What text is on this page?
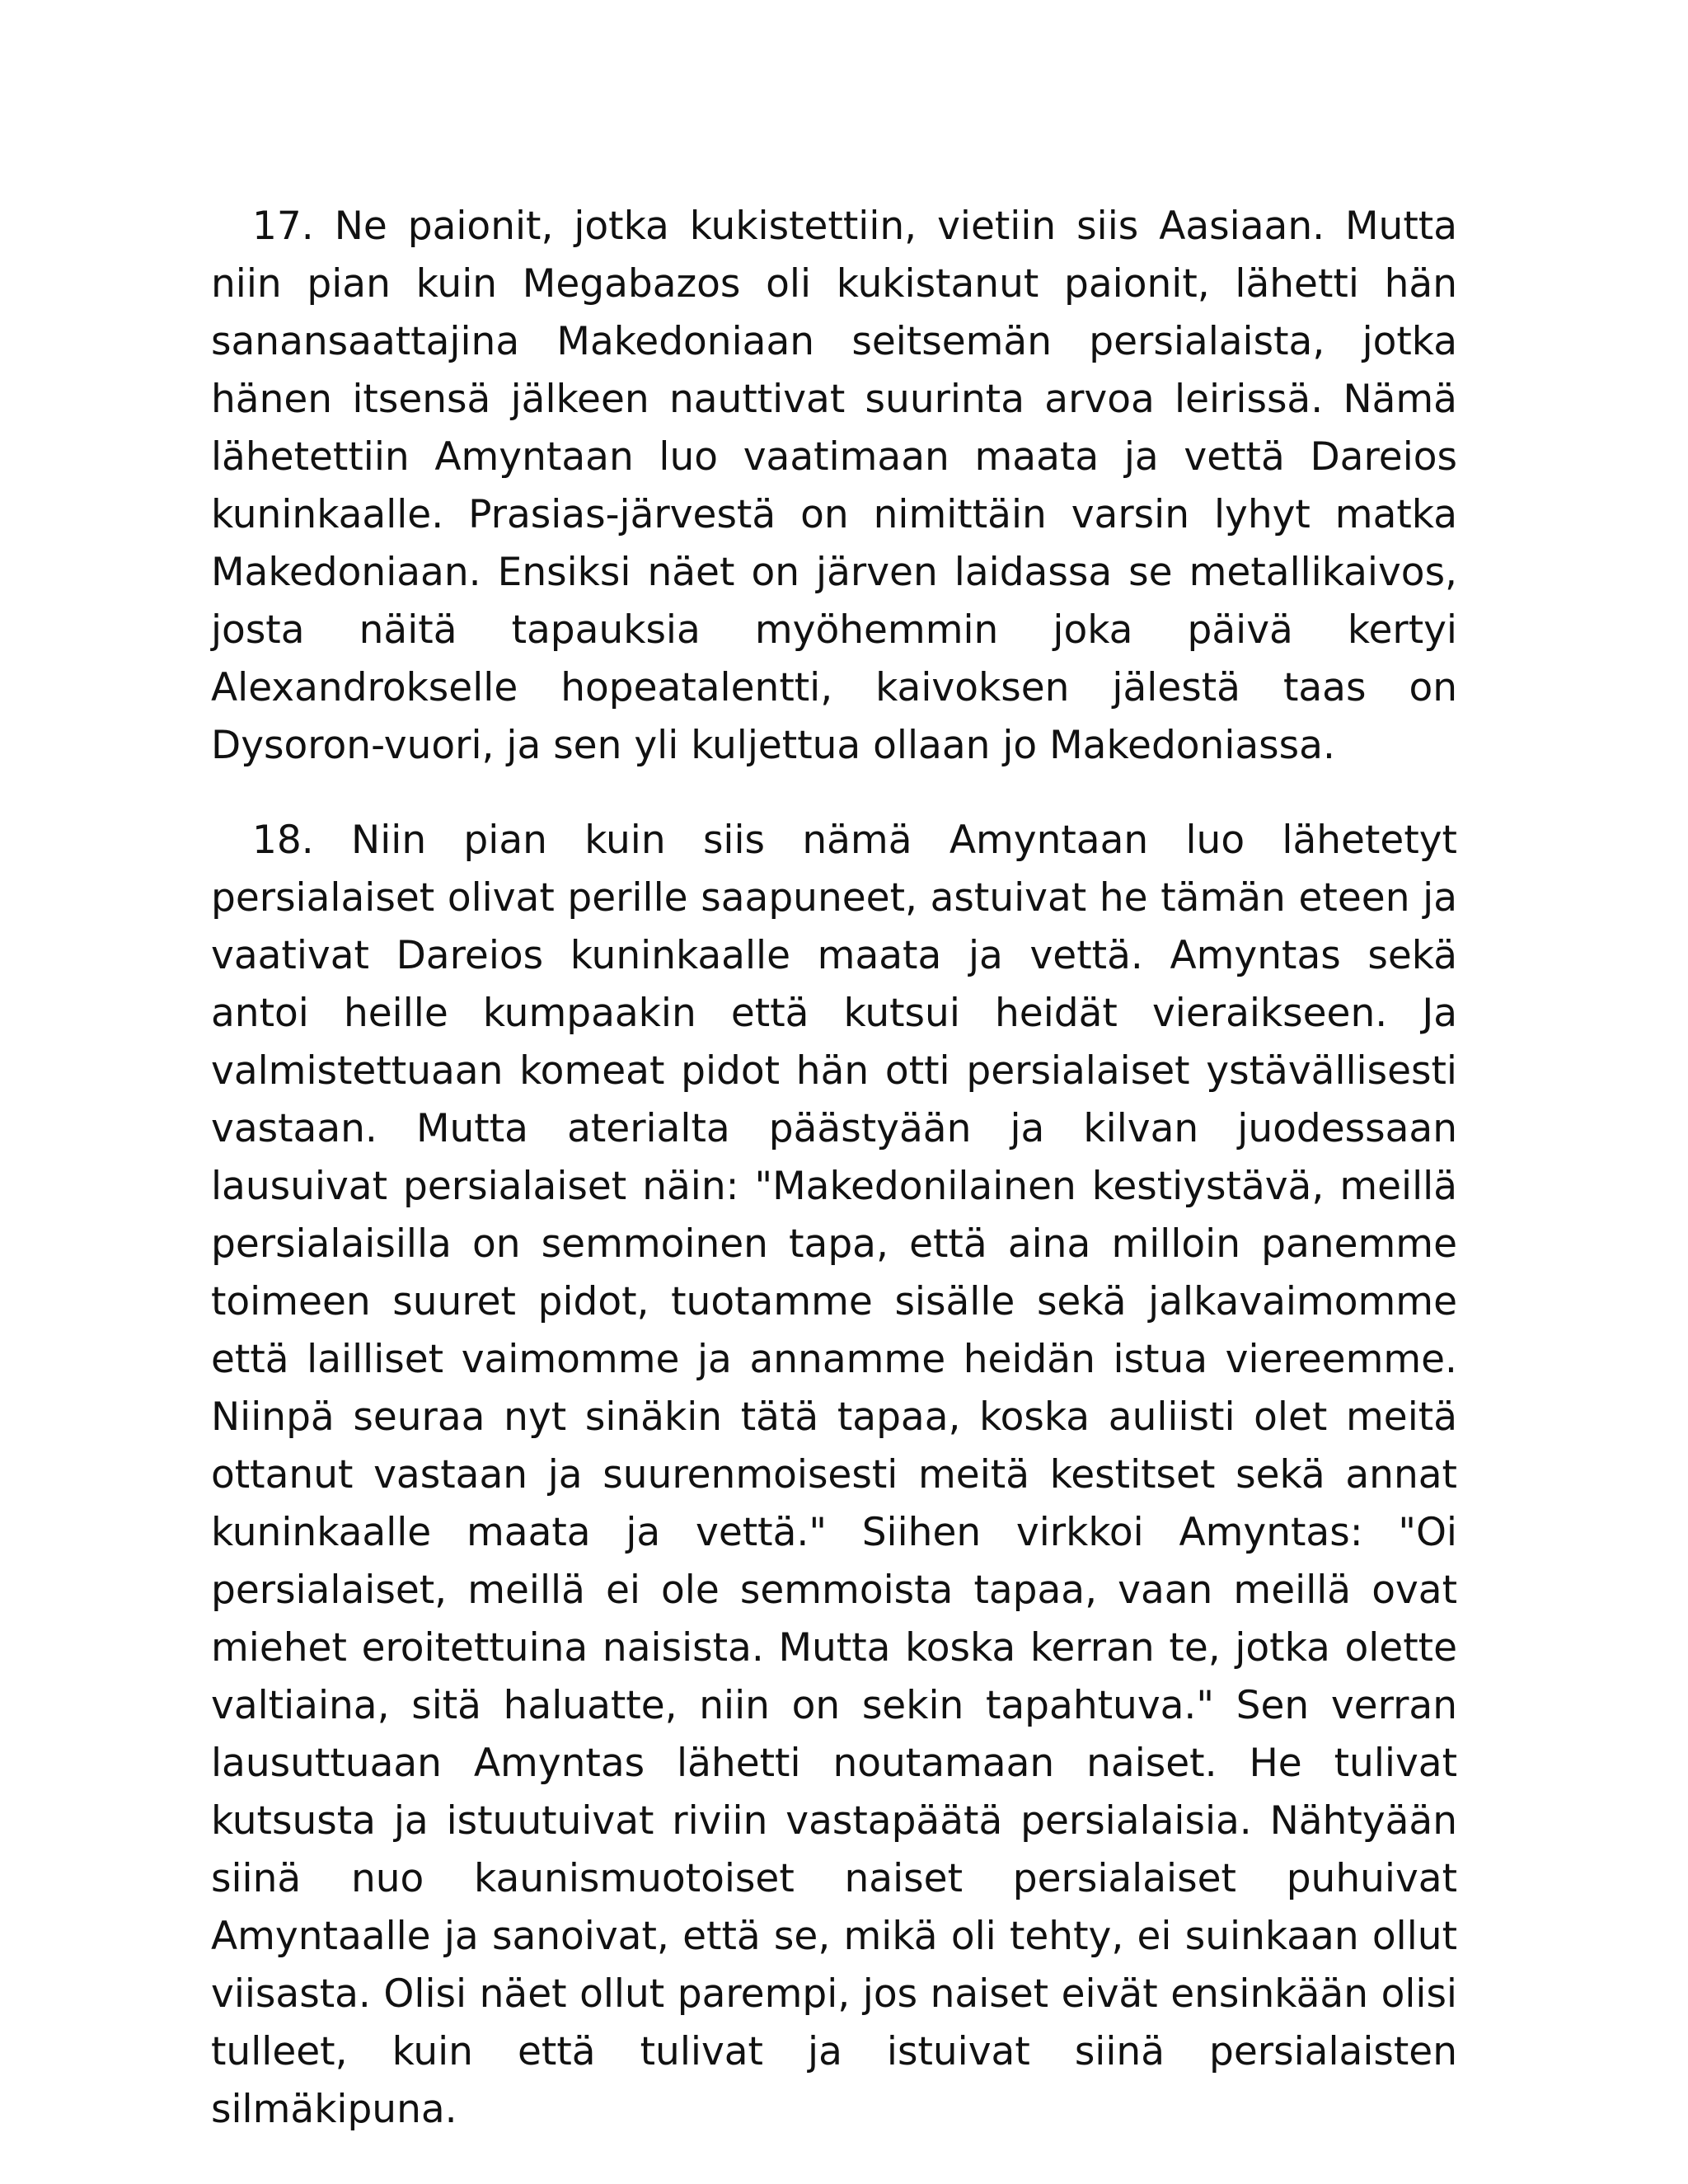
17. Ne paionit, jotka kukistettiin, vietiin siis Aasiaan. Mutta niin pian kuin Megabazos oli kukistanut paionit, lähetti hän sanansaattajina Makedoniaan seitsemän persialaista, jotka hänen itsensä jälkeen nauttivat suurinta arvoa leirissä. Nämä lähetettiin Amyntaan luo vaatimaan maata ja vettä Dareios kuninkaalle. Prasias-järvestä on nimittäin varsin lyhyt matka Makedoniaan. Ensiksi näet on järven laidassa se metallikaivos, josta näitä tapauksia myöhemmin joka päivä kertyi Alexandrokselle hopeatalentti, kaivoksen jälestä taas on Dysoron-vuori, ja sen yli kuljettua ollaan jo Makedoniassa.

18. Niin pian kuin siis nämä Amyntaan luo lähetetyt persialaiset olivat perille saapuneet, astuivat he tämän eteen ja vaativat Dareios kuninkaalle maata ja vettä. Amyntas sekä antoi heille kumpaakin että kutsui heidät vieraikseen. Ja valmistettuaan komeat pidot hän otti persialaiset ystävällisesti vastaan. Mutta aterialta päästyään ja kilvan juodessaan lausuivat persialaiset näin: "Makedonilainen kestiystävä, meillä persialaisilla on semmoinen tapa, että aina milloin panemme toimeen suuret pidot, tuotamme sisälle sekä jalkavaimomme että lailliset vaimomme ja annamme heidän istua viereemme. Niinpä seuraa nyt sinäkin tätä tapaa, koska auliisti olet meitä ottanut vastaan ja suurenmoisesti meitä kestitset sekä annat kuninkaalle maata ja vettä." Siihen virkkoi Amyntas: "Oi persialaiset, meillä ei ole semmoista tapaa, vaan meillä ovat miehet eroitettuina naisista. Mutta koska kerran te, jotka olette valtiaina, sitä haluatte, niin on sekin tapahtuva." Sen verran lausuttuaan Amyntas lähetti noutamaan naiset. He tulivat kutsusta ja istuutuivat riviin vastapäätä persialaisia. Nähtyään siinä nuo kaunismuotoiset naiset persialaiset puhuivat Amyntaalle ja sanoivat, että se, mikä oli tehty, ei suinkaan ollut viisasta. Olisi näet ollut parempi, jos naiset eivät ensinkään olisi tulleet, kuin että tulivat ja istuivat siinä persialaisten silmäkipuna.
